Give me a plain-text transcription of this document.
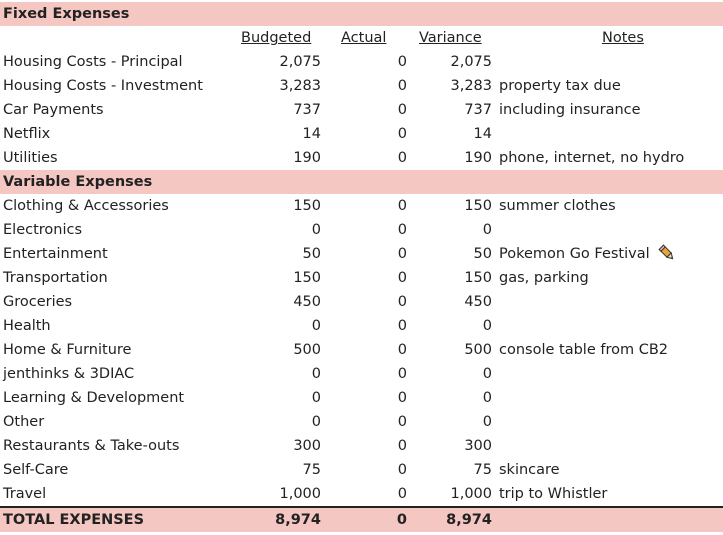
Fixed Expenses
Budgeted Actual Variance	Notes
Housing Costs - Principal	2,075	0	2,075
Housing Costs - Investment	3,283	0	3,283 property tax due
Car Payments	737	0	737 including insurance
Netflix	14	0	14
Utilities	190	0	190 phone, internet, no hydro
Variable Expenses
Clothing & Accessories	150	0	150 summer clothes
Electronics	0	0	0
Entertainment	50	0	50 Pokemon Go Festival
Transportation	150	0	150 gas, parking
Groceries	450	0	450
Health	0	0	0
Home & Furniture	500	0	500 console table from CB2
jenthinks & 3DIAC	0	0	0
Learning & Development	0	0	0
Other	0	0	0
Restaurants & Take-outs	300	0	300
Self-Care	75	0	75 skincare
Travel	1,000	0	1,000 trip to Whistler
TOTAL EXPENSES	8,974	0	8,974
